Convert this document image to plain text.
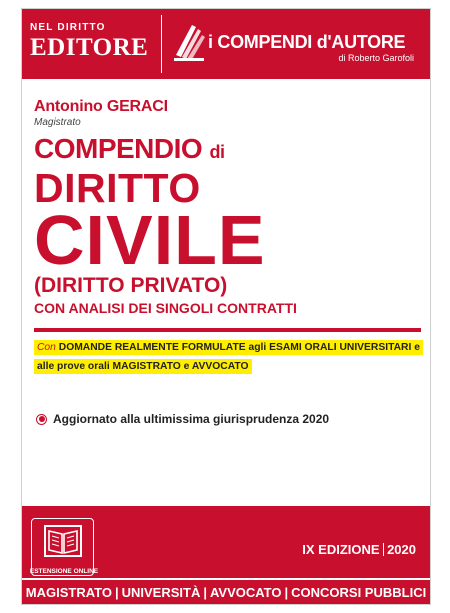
NEL DIRITTO
EDITORE	i COMPENDI d'AUTORE
di Roberto Garofoli
Antonino GERACI
Magistrato
COMPENDIO di
DIRITTO
CIVILE
(DIRITTO PRIVATO)
CON ANALISI DEI SINGOLI CONTRATTI
Con DOMANDE REALMENTE FORMULATE agli ESAMI ORALI UNIVERSITARI e
alle prove orali MAGISTRATO e AVVOCATO
Aggiornato alla ultimissima giurisprudenza 2020
ESTENSIONE ONLINE
IX EDIZIONE 2020
MAGISTRATO | UNIVERSITÀ | AVVOCATO | CONCORSI PUBBLICI
